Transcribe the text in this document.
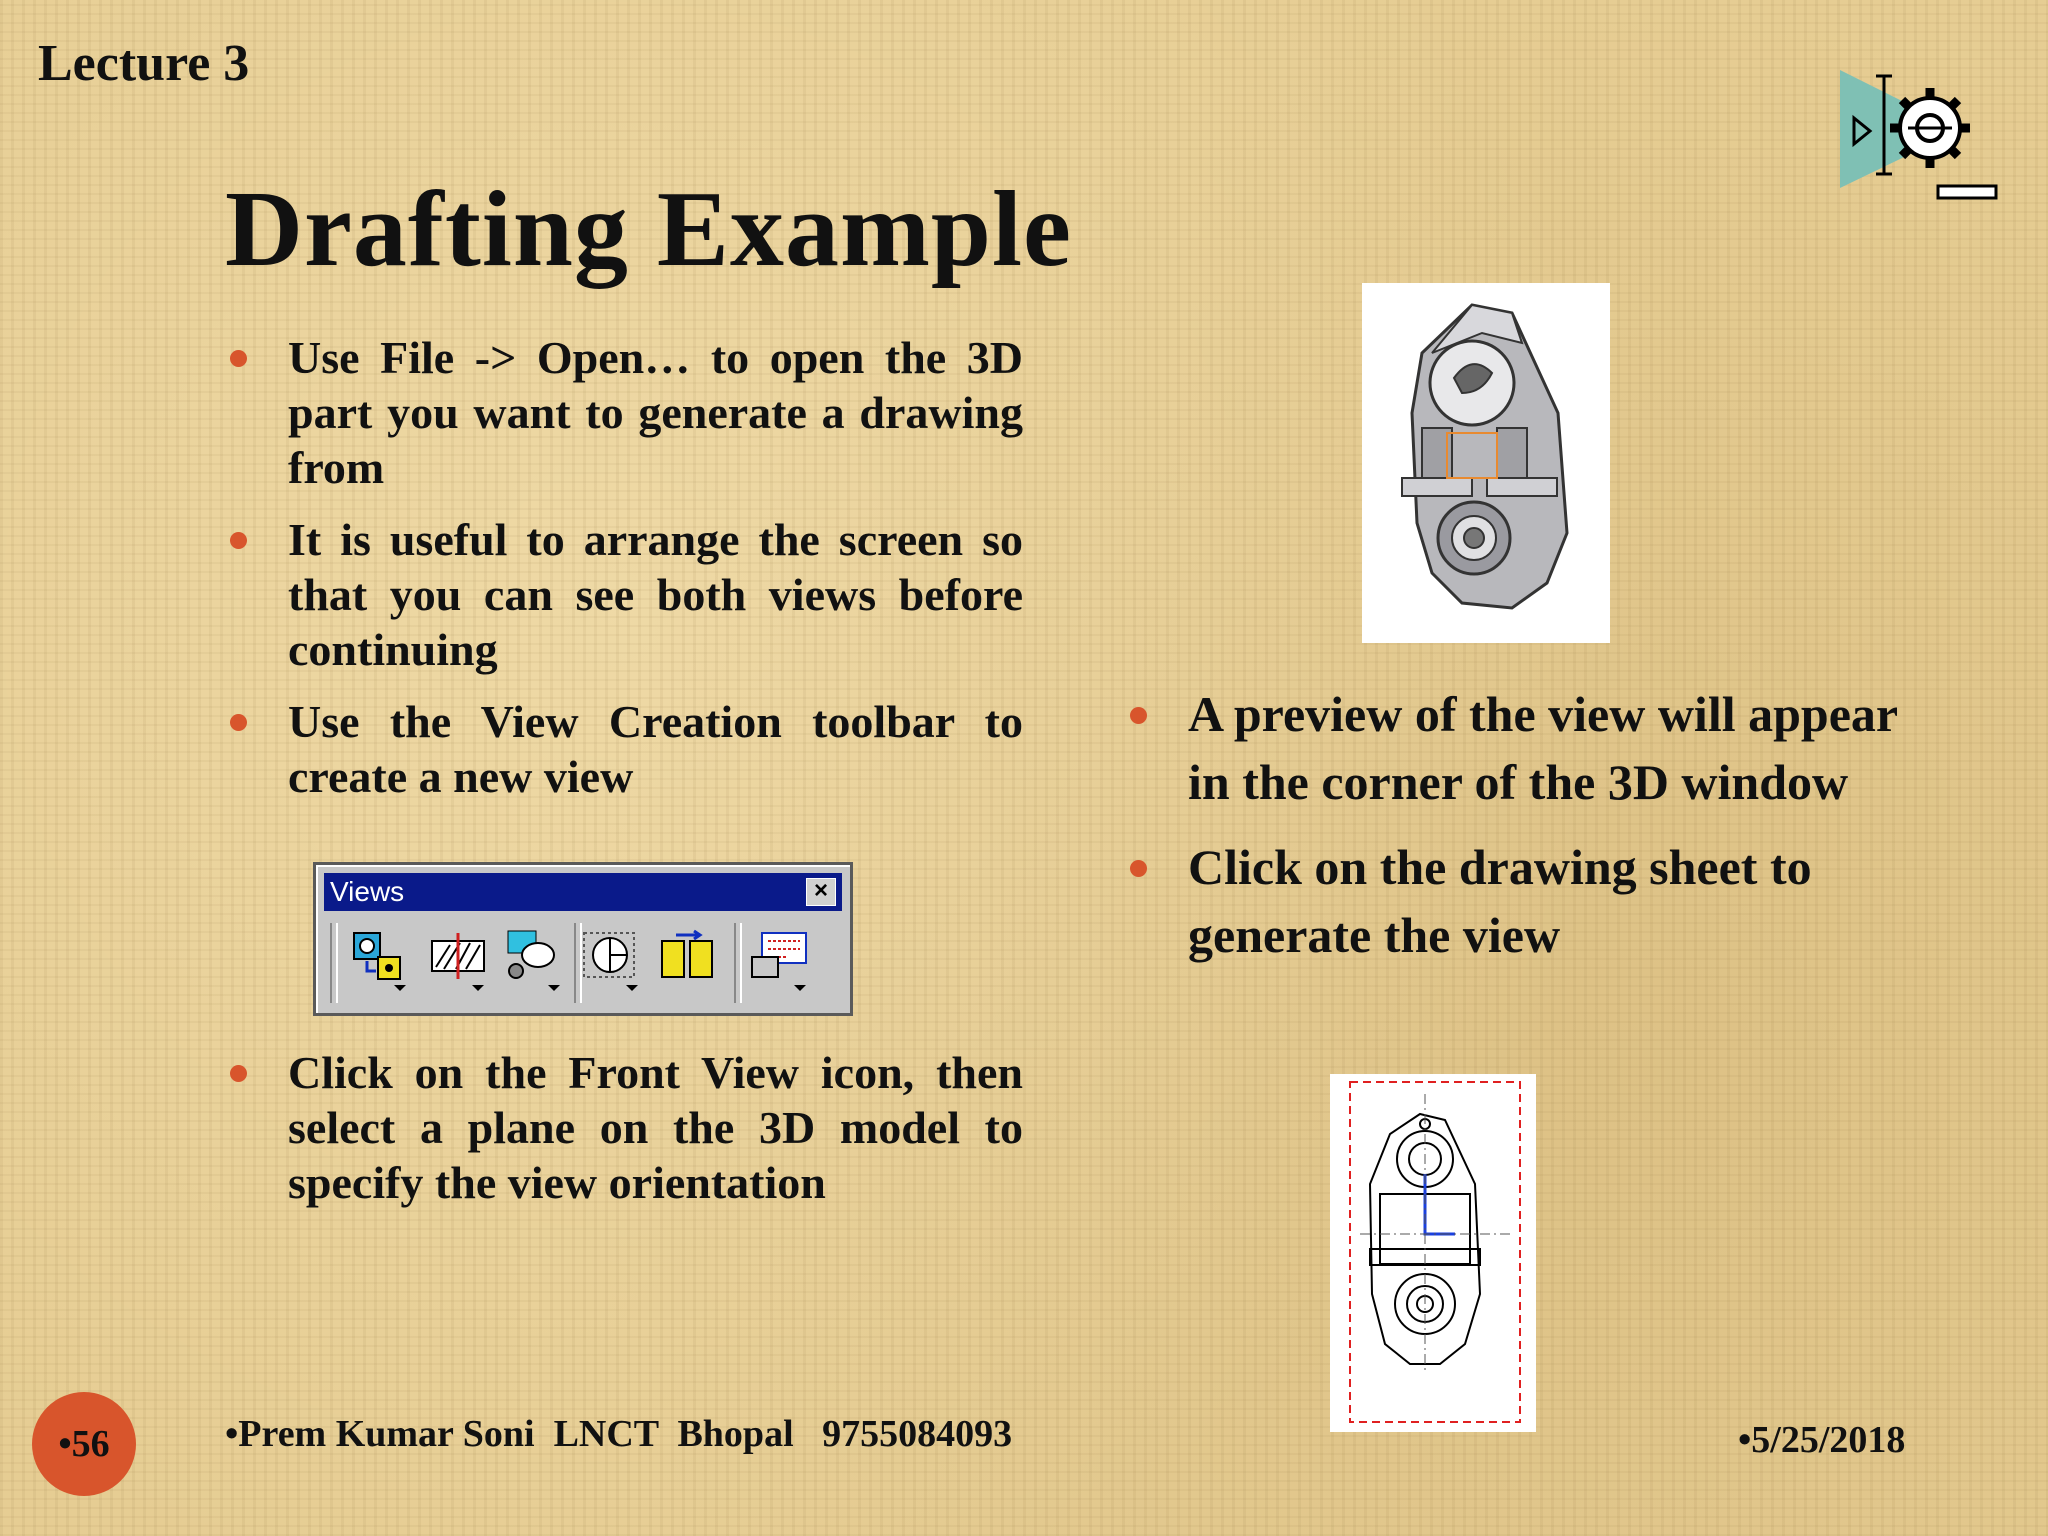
Lecture 3
Drafting Example
Use File -> Open… to open the 3D part you want to generate a drawing from
It is useful to arrange the screen so that you can see both views before continuing
Use the View Creation toolbar to create a new view
Views	×
Click on the Front View icon, then select a plane on the 3D model to specify the view orientation
A preview of the view will appear in the corner of the 3D window
Click on the drawing sheet to generate the view
•56	•Prem Kumar Soni  LNCT  Bhopal   9755084093	•5/25/2018
